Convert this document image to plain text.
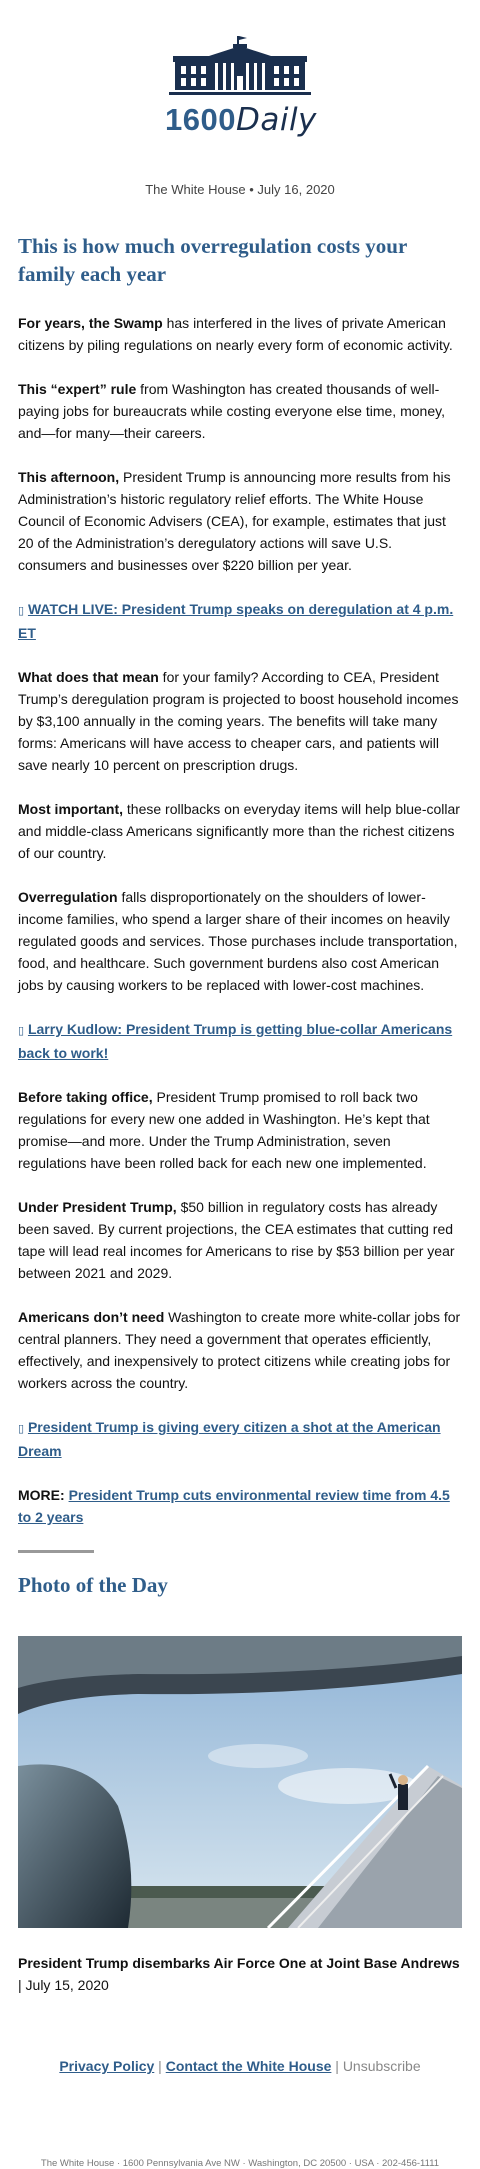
1600Daily
The White House • July 16, 2020
This is how much overregulation costs your family each year

For years, the Swamp has interfered in the lives of private American citizens by piling regulations on nearly every form of economic activity.

This “expert” rule from Washington has created thousands of well-paying jobs for bureaucrats while costing everyone else time, money, and—for many—their careers.

This afternoon, President Trump is announcing more results from his Administration’s historic regulatory relief efforts. The White House Council of Economic Advisers (CEA), for example, estimates that just 20 of the Administration’s deregulatory actions will save U.S. consumers and businesses over $220 billion per year.

▯ WATCH LIVE: President Trump speaks on deregulation at 4 p.m. ET

What does that mean for your family? According to CEA, President Trump’s deregulation program is projected to boost household incomes by $3,100 annually in the coming years. The benefits will take many forms: Americans will have access to cheaper cars, and patients will save nearly 10 percent on prescription drugs.

Most important, these rollbacks on everyday items will help blue-collar and middle-class Americans significantly more than the richest citizens of our country.

Overregulation falls disproportionately on the shoulders of lower-income families, who spend a larger share of their incomes on heavily regulated goods and services. Those purchases include transportation, food, and healthcare. Such government burdens also cost American jobs by causing workers to be replaced with lower-cost machines.

▯ Larry Kudlow: President Trump is getting blue-collar Americans back to work!

Before taking office, President Trump promised to roll back two regulations for every new one added in Washington. He’s kept that promise—and more. Under the Trump Administration, seven regulations have been rolled back for each new one implemented.

Under President Trump, $50 billion in regulatory costs has already been saved. By current projections, the CEA estimates that cutting red tape will lead real incomes for Americans to rise by $53 billion per year between 2021 and 2029.

Americans don’t need Washington to create more white-collar jobs for central planners. They need a government that operates efficiently, effectively, and inexpensively to protect citizens while creating jobs for workers across the country.

▯ President Trump is giving every citizen a shot at the American Dream

MORE: President Trump cuts environmental review time from 4.5 to 2 years

Photo of the Day
President Trump disembarks Air Force One at Joint Base Andrews
| July 15, 2020
Privacy Policy | Contact the White House | Unsubscribe
The White House · 1600 Pennsylvania Ave NW · Washington, DC 20500 · USA · 202-456-1111
